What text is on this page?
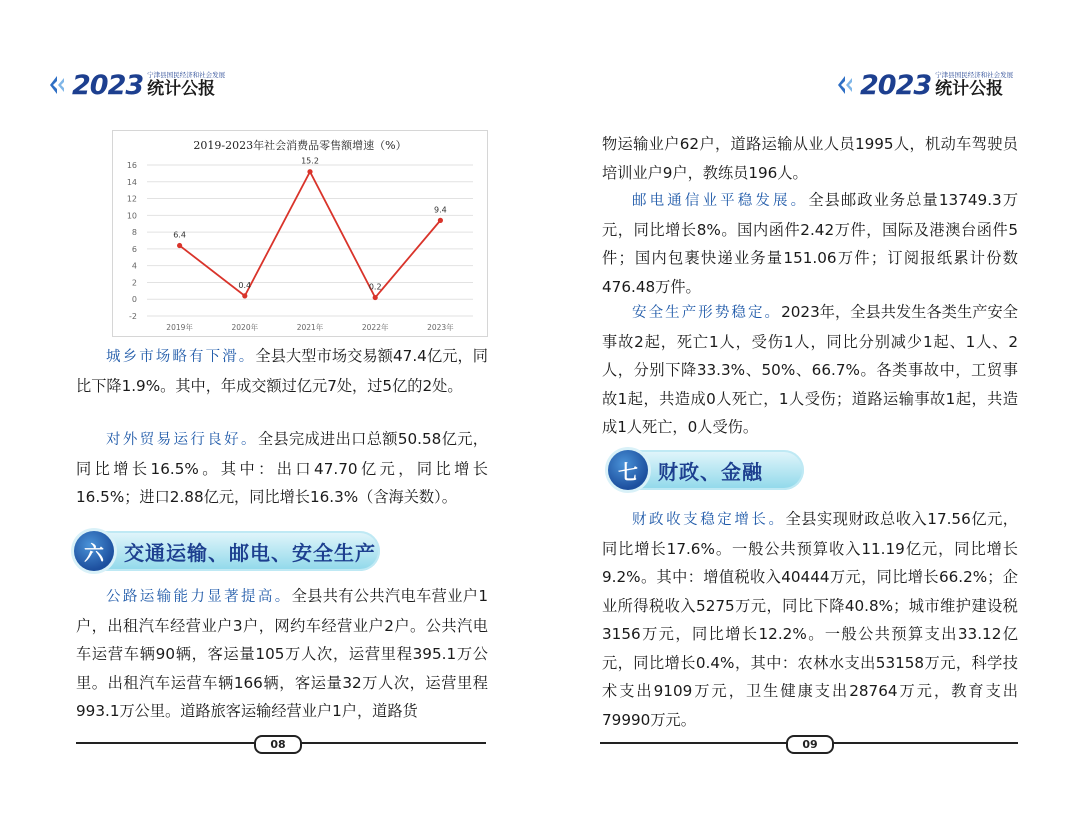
2023 宁津县国民经济和社会发展
统计公报
2019-2023年社会消费品零售额增速（%）
16
14
12
10
8
6
4
2
0
-2
2019年	2020年	2021年	2022年	2023年
6.4
0.4
15.2
0.2
9.4
城乡市场略有下滑。全县大型市场交易额47.4亿元，同比下降1.9%。其中，年成交额过亿元7处，过5亿的2处。
对外贸易运行良好。全县完成进出口总额50.58亿元，同比增长16.5%。其中：出口47.70亿元，同比增长16.5%；进口2.88亿元，同比增长16.3%（含海关数）。
六	交通运输、邮电、安全生产
公路运输能力显著提高。全县共有公共汽电车营业户1户，出租汽车经营业户3户，网约车经营业户2户。公共汽电车运营车辆90辆，客运量105万人次，运营里程395.1万公里。出租汽车运营车辆166辆，客运量32万人次，运营里程993.1万公里。道路旅客运输经营业户1户，道路货
08
2023 宁津县国民经济和社会发展
统计公报
物运输业户62户，道路运输从业人员1995人，机动车驾驶员培训业户9户，教练员196人。
邮电通信业平稳发展。全县邮政业务总量13749.3万元，同比增长8%。国内函件2.42万件，国际及港澳台函件5件；国内包裹快递业务量151.06万件；订阅报纸累计份数476.48万件。
安全生产形势稳定。2023年，全县共发生各类生产安全事故2起，死亡1人，受伤1人，同比分别减少1起、1人、2人，分别下降33.3%、50%、66.7%。各类事故中，工贸事故1起，共造成0人死亡，1人受伤；道路运输事故1起，共造成1人死亡，0人受伤。
七	财政、金融
财政收支稳定增长。全县实现财政总收入17.56亿元，同比增长17.6%。一般公共预算收入11.19亿元，同比增长9.2%。其中：增值税收入40444万元，同比增长66.2%；企业所得税收入5275万元，同比下降40.8%；城市维护建设税3156万元，同比增长12.2%。一般公共预算支出33.12亿元，同比增长0.4%，其中：农林水支出53158万元，科学技术支出9109万元，卫生健康支出28764万元，教育支出79990万元。
09
